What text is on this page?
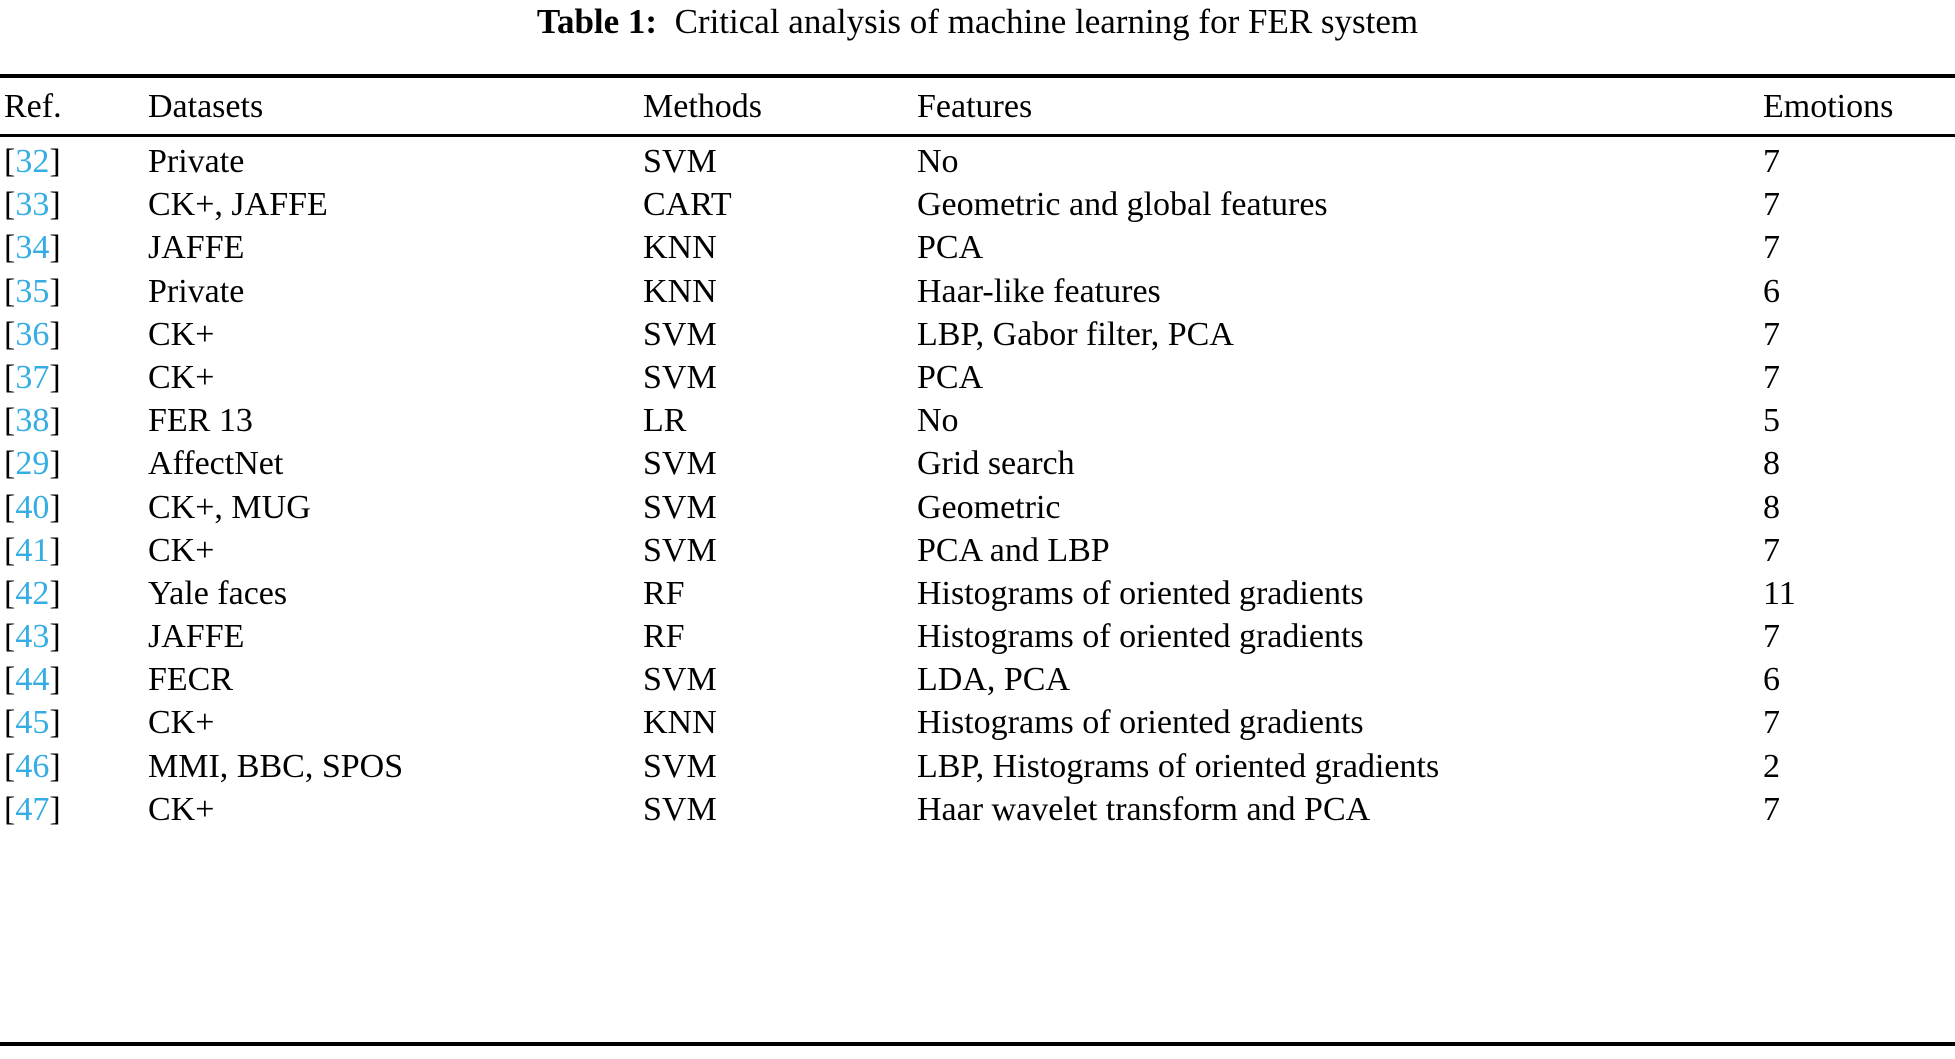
Table 1: Critical analysis of machine learning for FER system
Ref.	Datasets	Methods	Features	Emotions
[32]	Private	SVM	No	7
[33]	CK+, JAFFE	CART	Geometric and global features	7
[34]	JAFFE	KNN	PCA	7
[35]	Private	KNN	Haar-like features	6
[36]	CK+	SVM	LBP, Gabor filter, PCA	7
[37]	CK+	SVM	PCA	7
[38]	FER 13	LR	No	5
[29]	AffectNet	SVM	Grid search	8
[40]	CK+, MUG	SVM	Geometric	8
[41]	CK+	SVM	PCA and LBP	7
[42]	Yale faces	RF	Histograms of oriented gradients	11
[43]	JAFFE	RF	Histograms of oriented gradients	7
[44]	FECR	SVM	LDA, PCA	6
[45]	CK+	KNN	Histograms of oriented gradients	7
[46]	MMI, BBC, SPOS	SVM	LBP, Histograms of oriented gradients	2
[47]	CK+	SVM	Haar wavelet transform and PCA	7
